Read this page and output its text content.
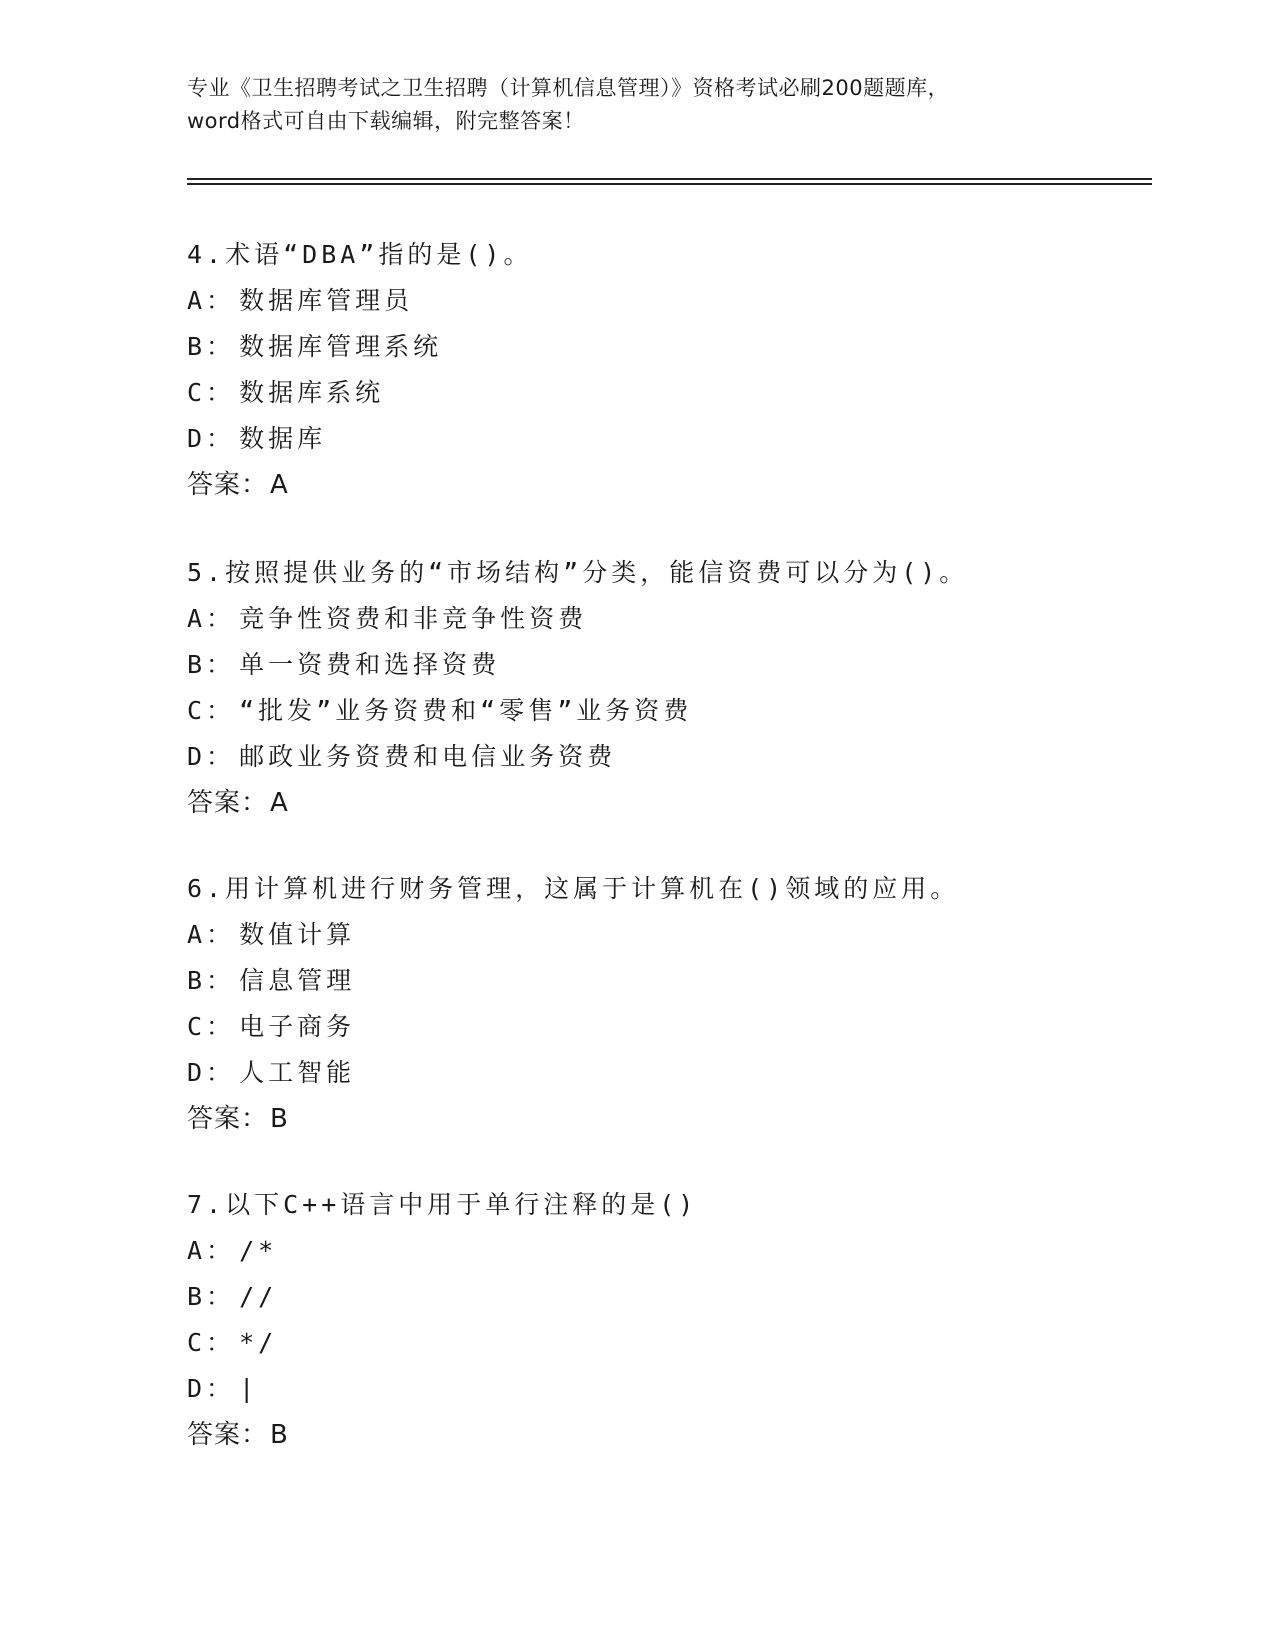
专业《卫生招聘考试之卫生招聘（计算机信息管理）》资格考试必刷200题题库，
word格式可自由下载编辑，附完整答案！
4.术语“DBA”指的是()。
A： 数据库管理员
B： 数据库管理系统
C： 数据库系统
D： 数据库
答案：A
5.按照提供业务的“市场结构”分类，能信资费可以分为()。
A： 竞争性资费和非竞争性资费
B： 单一资费和选择资费
C： “批发”业务资费和“零售”业务资费
D： 邮政业务资费和电信业务资费
答案：A
6.用计算机进行财务管理，这属于计算机在()领域的应用。
A： 数值计算
B： 信息管理
C： 电子商务
D： 人工智能
答案：B
7.以下C++语言中用于单行注释的是()
A： /*
B： //
C： */
D： |
答案：B
